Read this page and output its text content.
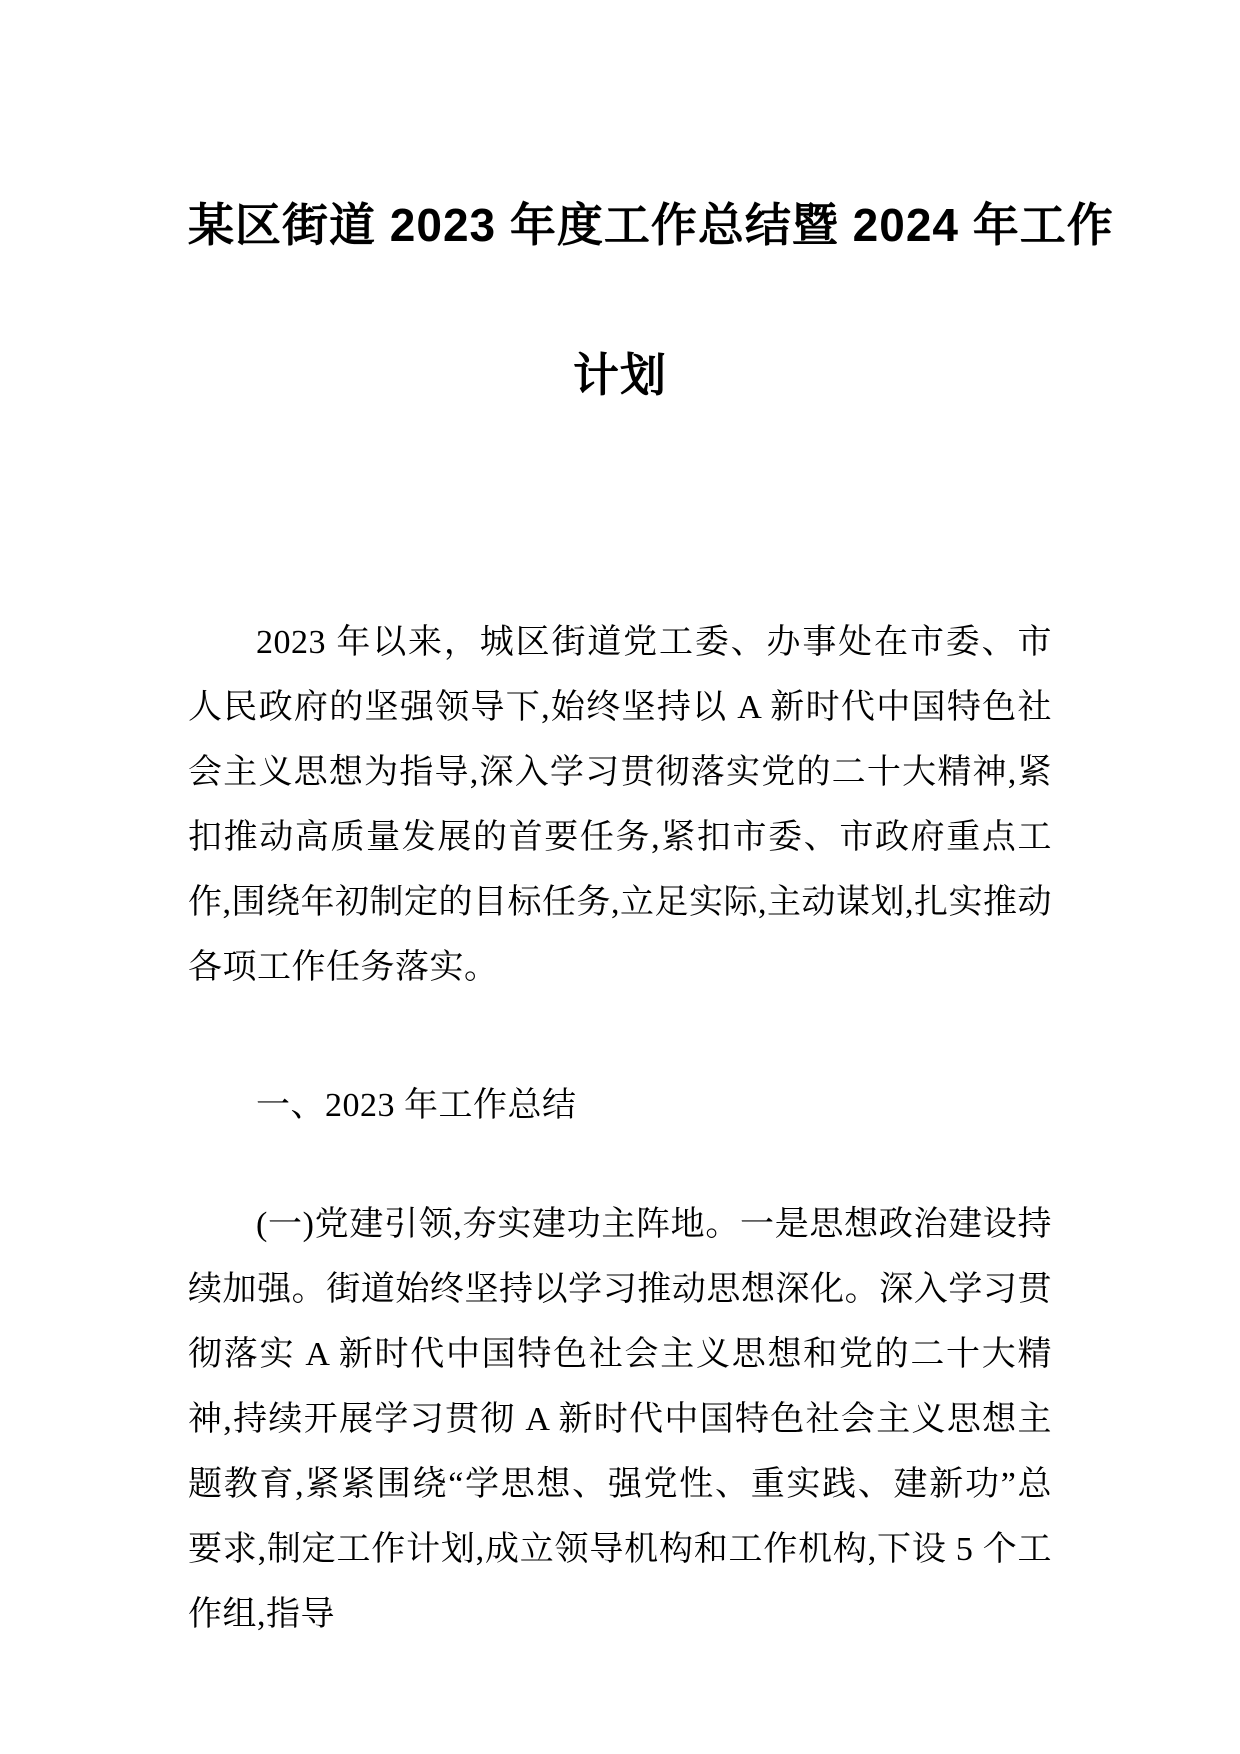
某区街道 2023 年度工作总结暨 2024 年工作
计划

2023 年以来，城区街道党工委、办事处在市委、市人民政府的坚强领导下,始终坚持以 A 新时代中国特色社会主义思想为指导,深入学习贯彻落实党的二十大精神,紧扣推动高质量发展的首要任务,紧扣市委、市政府重点工作,围绕年初制定的目标任务,立足实际,主动谋划,扎实推动各项工作任务落实。

一、2023 年工作总结

(一)党建引领,夯实建功主阵地。一是思想政治建设持续加强。街道始终坚持以学习推动思想深化。深入学习贯彻落实 A 新时代中国特色社会主义思想和党的二十大精神,持续开展学习贯彻 A 新时代中国特色社会主义思想主题教育,紧紧围绕“学思想、强党性、重实践、建新功”总要求,制定工作计划,成立领导机构和工作机构,下设 5 个工作组,指导
